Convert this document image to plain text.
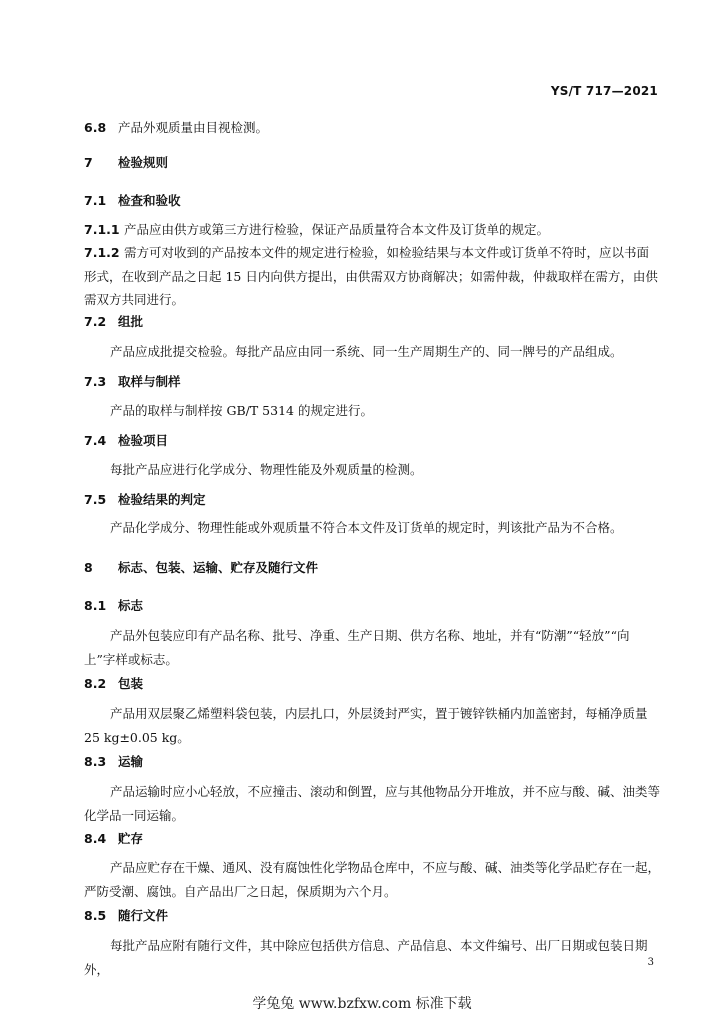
YS/T 717—2021
6.8 产品外观质量由目视检测。
7 检验规则
7.1 检查和验收
7.1.1 产品应由供方或第三方进行检验，保证产品质量符合本文件及订货单的规定。
7.1.2 需方可对收到的产品按本文件的规定进行检验，如检验结果与本文件或订货单不符时，应以书面形式，在收到产品之日起 15 日内向供方提出，由供需双方协商解决；如需仲裁，仲裁取样在需方，由供需双方共同进行。
7.2 组批
产品应成批提交检验。每批产品应由同一系统、同一生产周期生产的、同一牌号的产品组成。
7.3 取样与制样
产品的取样与制样按 GB/T 5314 的规定进行。
7.4 检验项目
每批产品应进行化学成分、物理性能及外观质量的检测。
7.5 检验结果的判定
产品化学成分、物理性能或外观质量不符合本文件及订货单的规定时，判该批产品为不合格。
8 标志、包装、运输、贮存及随行文件
8.1 标志
产品外包装应印有产品名称、批号、净重、生产日期、供方名称、地址，并有“防潮”“轻放”“向上”字样或标志。
8.2 包装
产品用双层聚乙烯塑料袋包装，内层扎口，外层烫封严实，置于镀锌铁桶内加盖密封，每桶净质量 25 kg±0.05 kg。
8.3 运输
产品运输时应小心轻放，不应撞击、滚动和倒置，应与其他物品分开堆放，并不应与酸、碱、油类等化学品一同运输。
8.4 贮存
产品应贮存在干燥、通风、没有腐蚀性化学物品仓库中，不应与酸、碱、油类等化学品贮存在一起，严防受潮、腐蚀。自产品出厂之日起，保质期为六个月。
8.5 随行文件
每批产品应附有随行文件，其中除应包括供方信息、产品信息、本文件编号、出厂日期或包装日期外，	3
学兔兔 www.bzfxw.com 标准下载
